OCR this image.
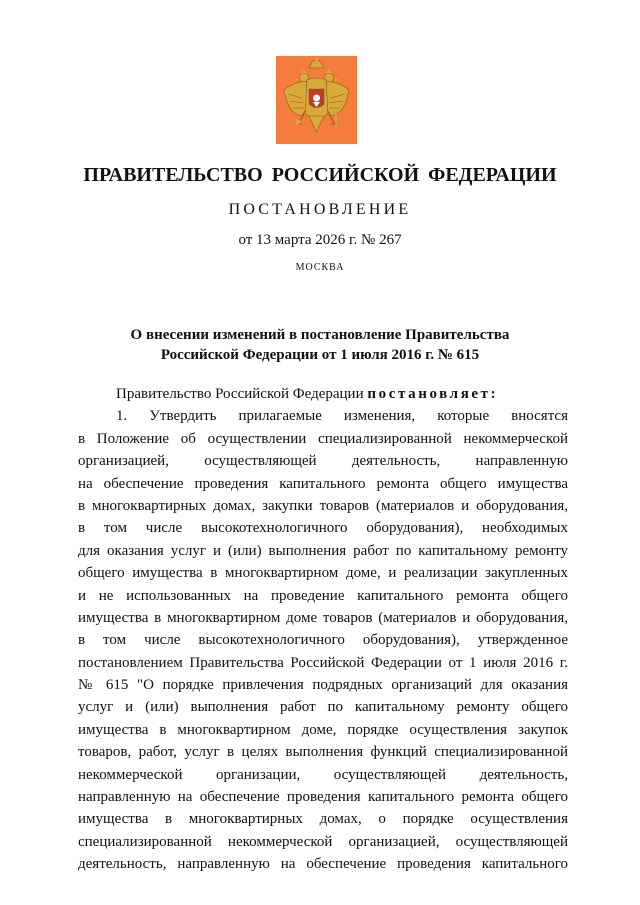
ПРАВИТЕЛЬСТВО РОССИЙСКОЙ ФЕДЕРАЦИИ
ПОСТАНОВЛЕНИЕ
от 13 марта 2026 г. № 267
МОСКВА
О внесении изменений в постановление Правительства
Российской Федерации от 1 июля 2016 г. № 615
Правительство Российской Федерации постановляет:
1. Утвердить прилагаемые изменения, которые вносятся
в Положение об осуществлении специализированной некоммерческой
организацией, осуществляющей деятельность, направленную
на обеспечение проведения капитального ремонта общего имущества
в многоквартирных домах, закупки товаров (материалов и оборудования,
в том числе высокотехнологичного оборудования), необходимых
для оказания услуг и (или) выполнения работ по капитальному ремонту
общего имущества в многоквартирном доме, и реализации закупленных
и не использованных на проведение капитального ремонта общего
имущества в многоквартирном доме товаров (материалов и оборудования,
в том числе высокотехнологичного оборудования), утвержденное
постановлением Правительства Российской Федерации от 1 июля 2016 г.
№ 615 "О порядке привлечения подрядных организаций для оказания
услуг и (или) выполнения работ по капитальному ремонту общего
имущества в многоквартирном доме, порядке осуществления закупок
товаров, работ, услуг в целях выполнения функций специализированной
некоммерческой организации, осуществляющей деятельность,
направленную на обеспечение проведения капитального ремонта общего
имущества в многоквартирных домах, о порядке осуществления
специализированной некоммерческой организацией, осуществляющей
деятельность, направленную на обеспечение проведения капитального
